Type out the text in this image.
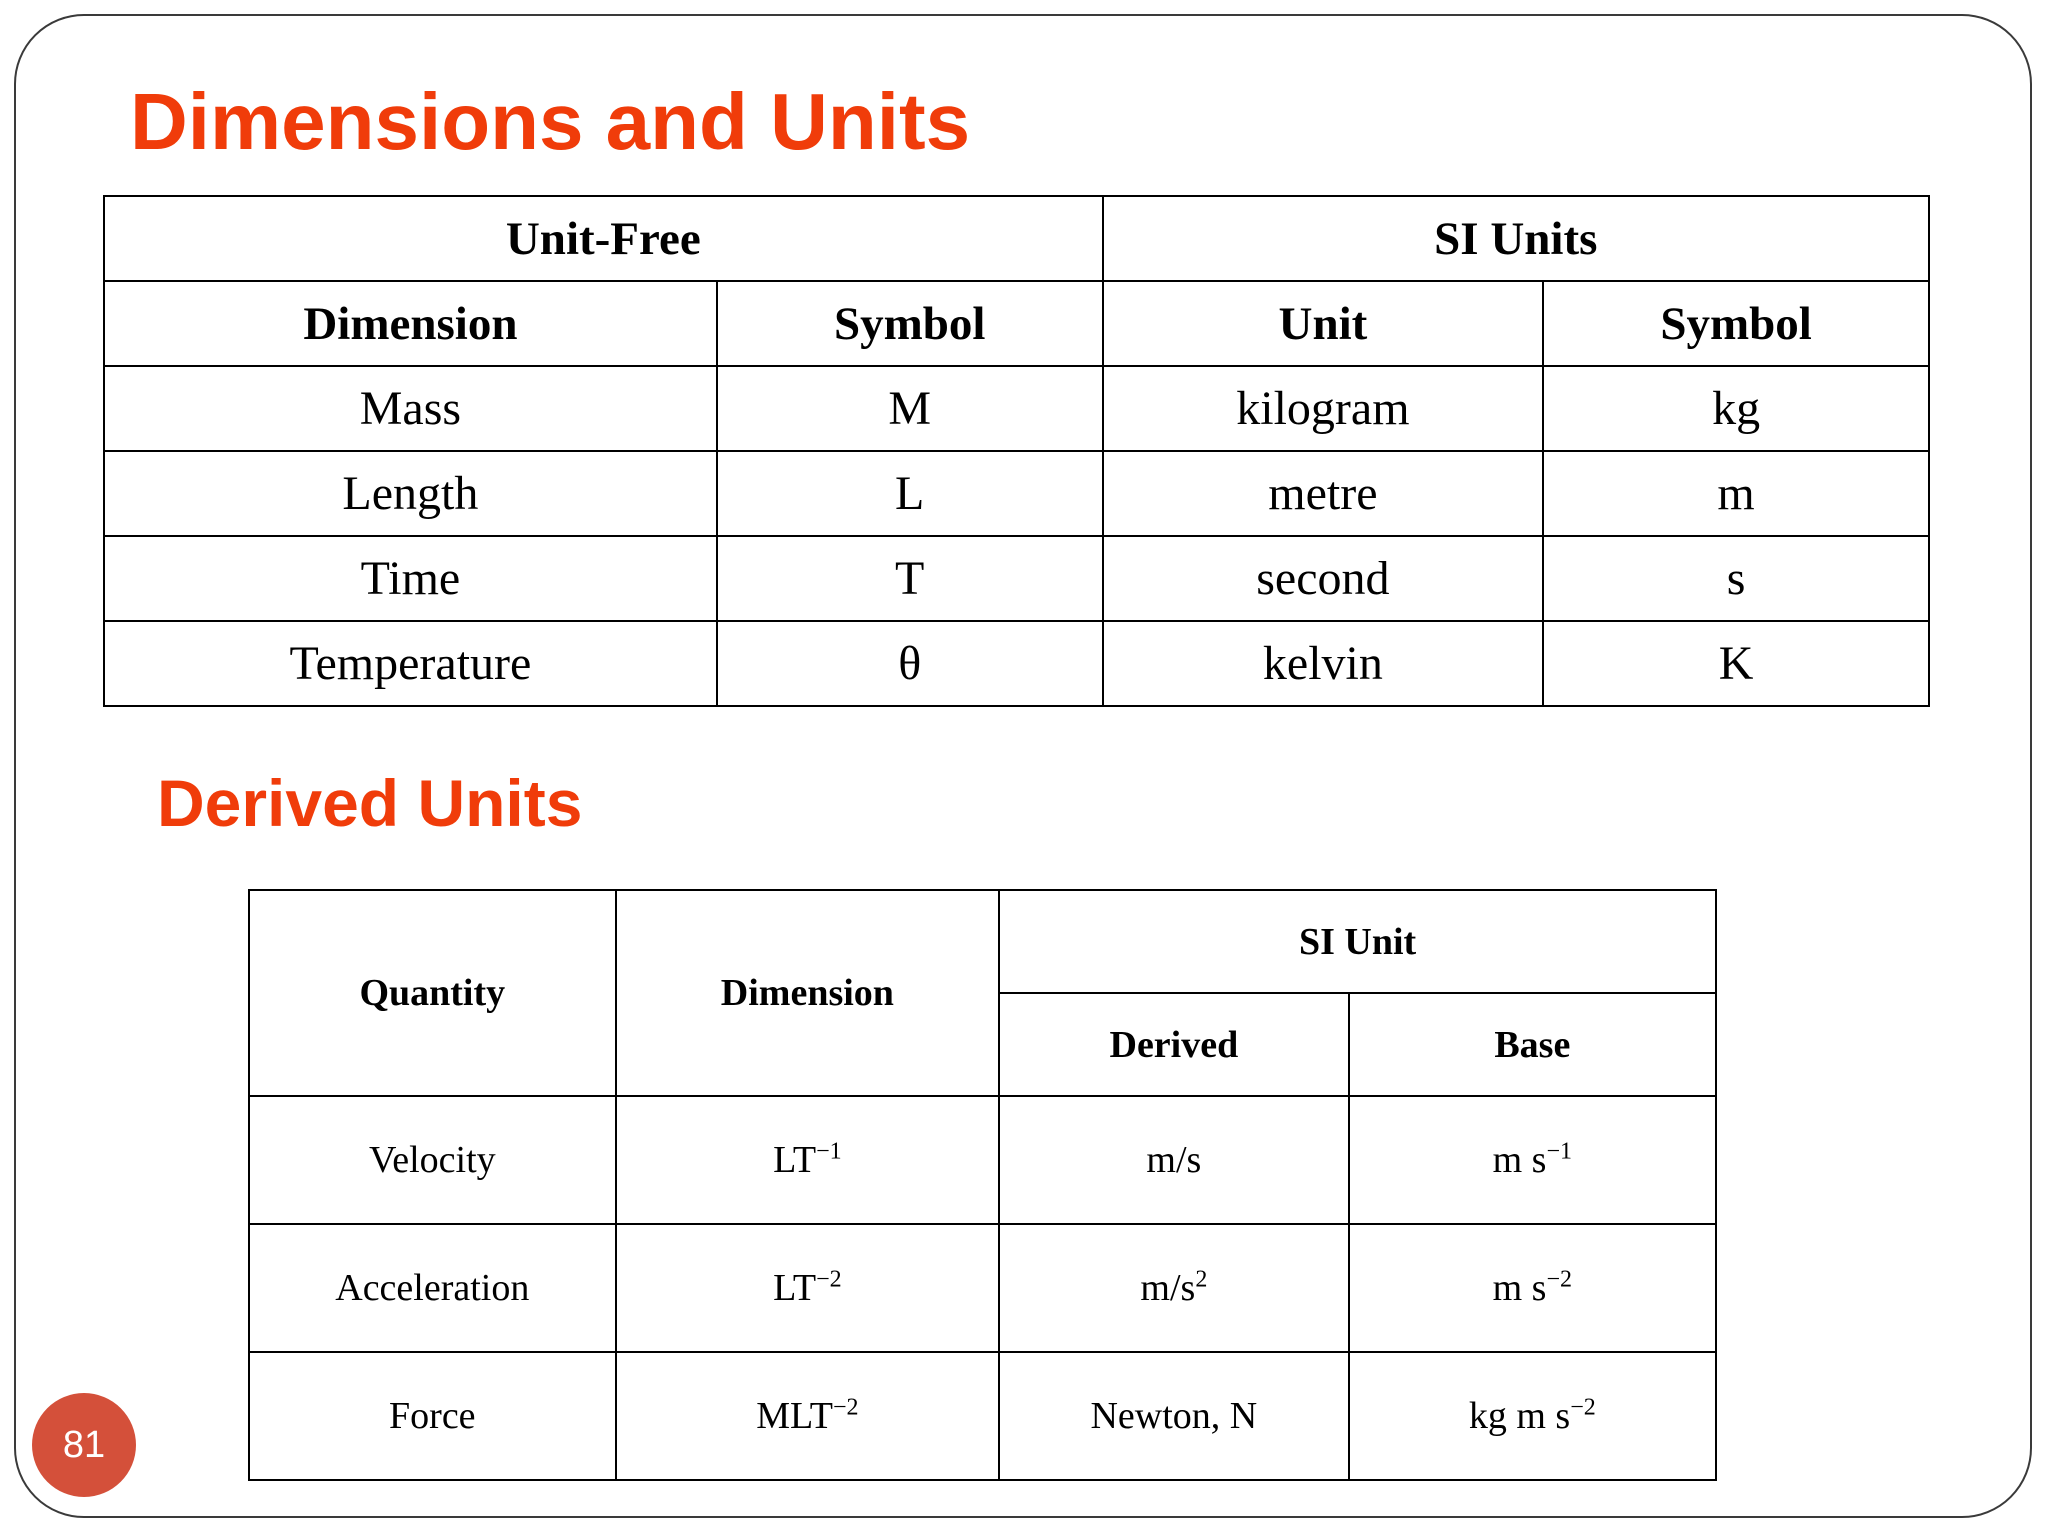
Dimensions and Units
Unit-Free		SI Units	
Dimension	Symbol	Unit	Symbol
Mass	M	kilogram	kg
Length	L	metre	m
Time	T	second	s
Temperature	θ	kelvin	K
Derived Units
Quantity	Dimension	SI Unit	
		Derived	Base
Velocity	$LT^{-1}$	m/s	m $s^{-1}$
Acceleration	$LT^{-2}$	$m/s^2$	m $s^{-2}$
Force	$MLT^{-2}$	Newton, N	kg m $s^{-2}$
81
